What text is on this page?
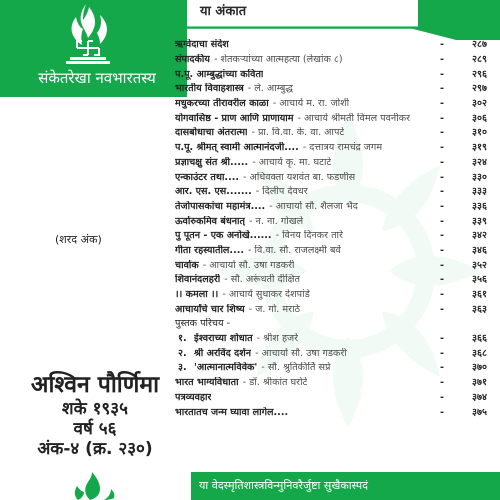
संकेतरेखा नवभारतस्य
या अंकात
(शरद अंक)

अश्विन पौर्णिमा

शके १९३५

वर्ष ५६

अंक-४ (क्र. २३०)

ऋग्वेदाचा संदेश	-	२८७
संपादकीय - शेतकऱ्यांच्या आत्महत्या (लेखांक ८)	-	२८९
प.पू. आम्बुद्धांच्या कविता	-	२९६
भारतीय विवाहशास्त्र - ले. आम्बुद्ध	-	२९७
मधुकरच्या तीरावरील काळा - आचार्य म. रा. जोशी	-	३०२
योगवासिष्ठ - प्राण आणि प्राणायाम - आचार्य श्रीमती विमल पवनीकर	-	३०६
दासबोधाचा अंतरात्मा - प्रा. वि.वा. के. वा. आपटे	-	३१०
प.पू. श्रीमत् स्वामी आत्मानंदजी.... - दत्तात्रय रामचंद्र जगम	-	३१९
प्रज्ञाचक्षु संत श्री..... - आचार्य कृ. मा. घटाटे	-	३२४
एन्काउंटर तथा.... - अधिवक्ता यशवंत बा. फडणीस	-	३३०
आर. एस. एस....... - दिलीप देवधर	-	३३३
तेजोपासकांचा महामंत्र.... - आचार्या सौ. शैलजा भैद	-	३३६
ऊर्वारुकमिव बंधनात् - न. ना. गोखले	-	३३९
पु पूतन - एक अनोखे...... - विनय दिनकर तारे	-	३४२
गीता रहस्यातील.... - वि.वा. सौ. राजलक्ष्मी बर्वे	-	३४६
चार्वाक - आचार्या सौ. उषा गडकरी	-	३५२
शिवानंदलहरी - सौ. अरूंधती दीक्षित	-	३५६
।। कमला ।। - आचार्य सुधाकर देशपांडे	-	३६१
आचार्यांचे चार शिष्य - ज. गो. मराठे	-	३६३
पुस्तक परिचय -
१. ईश्वराच्या शोधात - श्रीश हजरे	-	३६६
२. श्री अरविंद दर्शन - आचार्या सौ. उषा गडकरी	-	३६८
३. 'आत्मानात्मविवेक' - सौ. श्रुतिकीर्ति सप्रे	-	३७०
भारत भाग्यविधाता - डॉ. श्रीकांत घरोटे	-	३७१
पत्रव्यवहार	-	३७४
भारतातच जन्म घ्यावा लागेल....	-	३७५
या वेदस्मृतिशास्त्रविन्मुनिवरैर्जुष्टा सुखैकास्पदं
